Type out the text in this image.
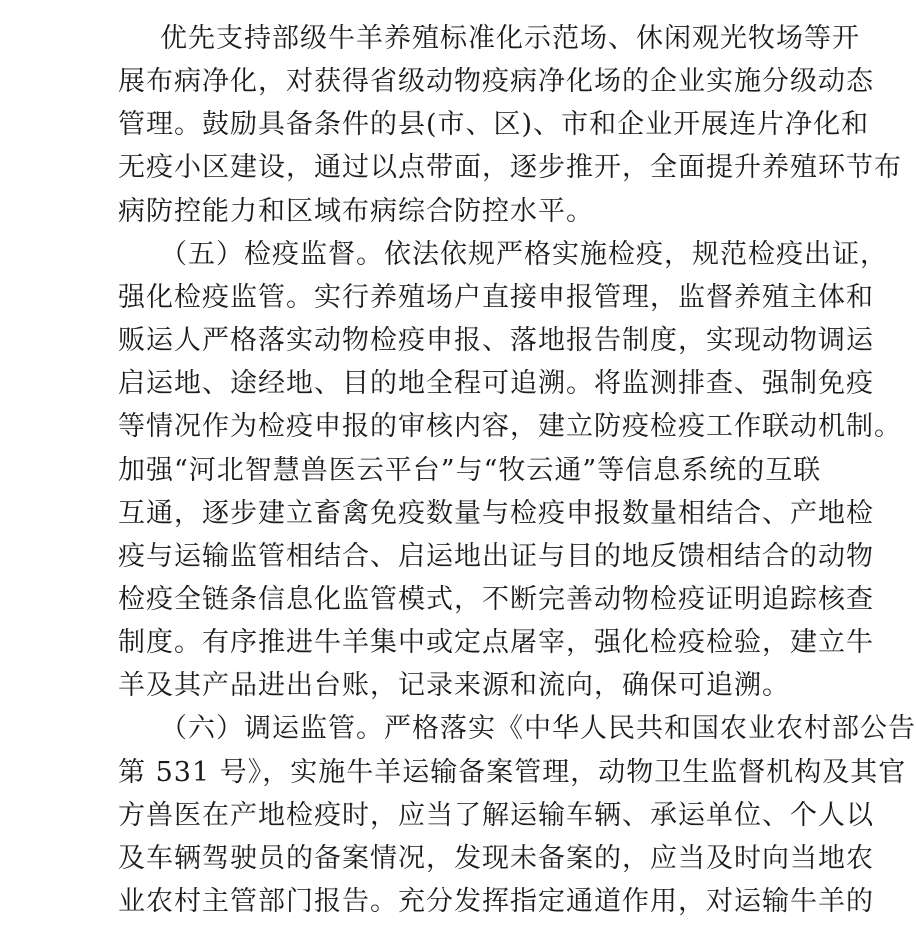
优先支持部级牛羊养殖标准化示范场、休闲观光牧场等开
展布病净化，对获得省级动物疫病净化场的企业实施分级动态
管理。鼓励具备条件的县(市、区)、市和企业开展连片净化和
无疫小区建设，通过以点带面，逐步推开，全面提升养殖环节布
病防控能力和区域布病综合防控水平。
（五）检疫监督。依法依规严格实施检疫，规范检疫出证，
强化检疫监管。实行养殖场户直接申报管理，监督养殖主体和
贩运人严格落实动物检疫申报、落地报告制度，实现动物调运
启运地、途经地、目的地全程可追溯。将监测排查、强制免疫
等情况作为检疫申报的审核内容，建立防疫检疫工作联动机制。
加强“河北智慧兽医云平台”与“牧云通”等信息系统的互联
互通，逐步建立畜禽免疫数量与检疫申报数量相结合、产地检
疫与运输监管相结合、启运地出证与目的地反馈相结合的动物
检疫全链条信息化监管模式，不断完善动物检疫证明追踪核查
制度。有序推进牛羊集中或定点屠宰，强化检疫检验，建立牛
羊及其产品进出台账，记录来源和流向，确保可追溯。
（六）调运监管。严格落实《中华人民共和国农业农村部公告
第 531 号》，实施牛羊运输备案管理，动物卫生监督机构及其官
方兽医在产地检疫时，应当了解运输车辆、承运单位、个人以
及车辆驾驶员的备案情况，发现未备案的，应当及时向当地农
业农村主管部门报告。充分发挥指定通道作用，对运输牛羊的
